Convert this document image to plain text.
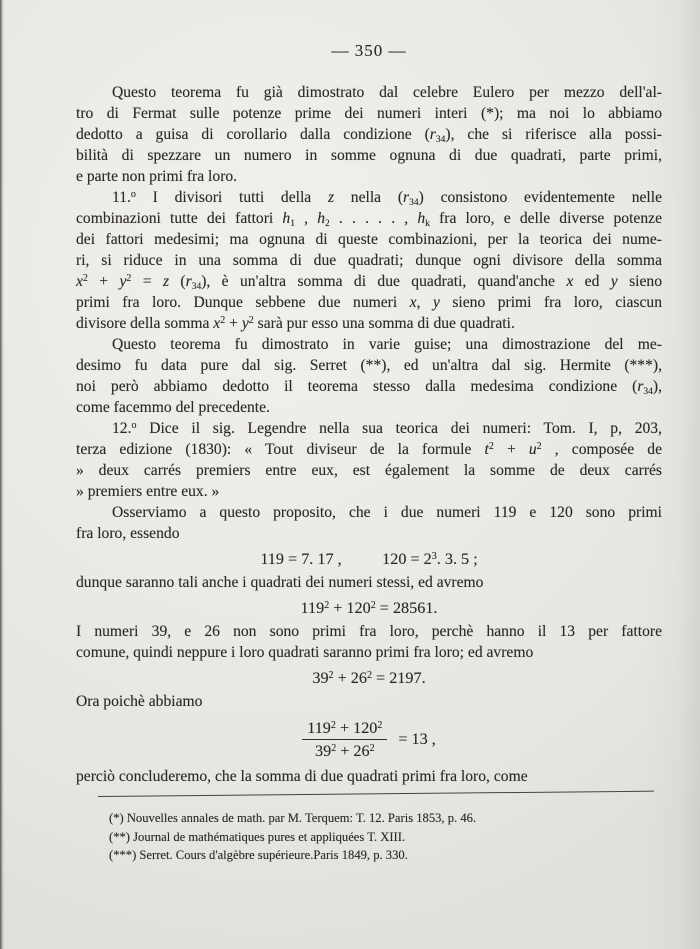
— 350 —
Questo teorema fu già dimostrato dal celebre Eulero per mezzo dell'al-
tro di Fermat sulle potenze prime dei numeri interi (*); ma noi lo abbiamo
dedotto a guisa di corollario dalla condizione $(r_{34})$, che si riferisce alla possi-
bilità di spezzare un numero in somme ognuna di due quadrati, parte primi,
e parte non primi fra loro.
11.$^o$ I divisori tutti della z nella $(r_{34})$ consistono evidentemente nelle
combinazioni tutte dei fattori $h_1$ , $h_2$ . . . . . , $h_k$ fra loro, e delle diverse potenze
dei fattori medesimi; ma ognuna di queste combinazioni, per la teorica dei nume-
ri, si riduce in una somma di due quadrati; dunque ogni divisore della somma
$x^2 + y^2 = z$ $(r_{34})$, è un'altra somma di due quadrati, quand'anche x ed y sieno
primi fra loro. Dunque sebbene due numeri x, y sieno primi fra loro, ciascun
divisore della somma $x^2 + y^2$ sarà pur esso una somma di due quadrati.
Questo teorema fu dimostrato in varie guise; una dimostrazione del me-
desimo fu data pure dal sig. Serret (**), ed un'altra dal sig. Hermite (***),
noi però abbiamo dedotto il teorema stesso dalla medesima condizione $(r_{34})$,
come facemmo del precedente.
12.$^o$ Dice il sig. Legendre nella sua teorica dei numeri: Tom. I, p, 203,
terza edizione (1830): « Tout diviseur de la formule $t^2 + u^2$ , composée de
» deux carrés premiers entre eux, est également la somme de deux carrés
» premiers entre eux. »
Osserviamo a questo proposito, che i due numeri 119 e 120 sono primi
fra loro, essendo
119 = 7. 17 ,    $120 = 2^3$. 3. 5 ;
dunque saranno tali anche i quadrati dei numeri stessi, ed avremo
$119^2 + 120^2 = 28561$.
I numeri 39, e 26 non sono primi fra loro, perchè hanno il 13 per fattore
comune, quindi neppure i loro quadrati saranno primi fra loro; ed avremo
$39^2 + 26^2 = 2197$.
Ora poichè abbiamo
$\frac{119^2 + 120^2}{39^2 + 26^2} = 13$ ,
perciò concluderemo, che la somma di due quadrati primi fra loro, come
(*) Nouvelles annales de math. par M. Terquem: T. 12. Paris 1853, p. 46.
(**) Journal de mathématiques pures et appliquées T. XIII.
(***) Serret. Cours d'algèbre supérieure.Paris 1849, p. 330.
